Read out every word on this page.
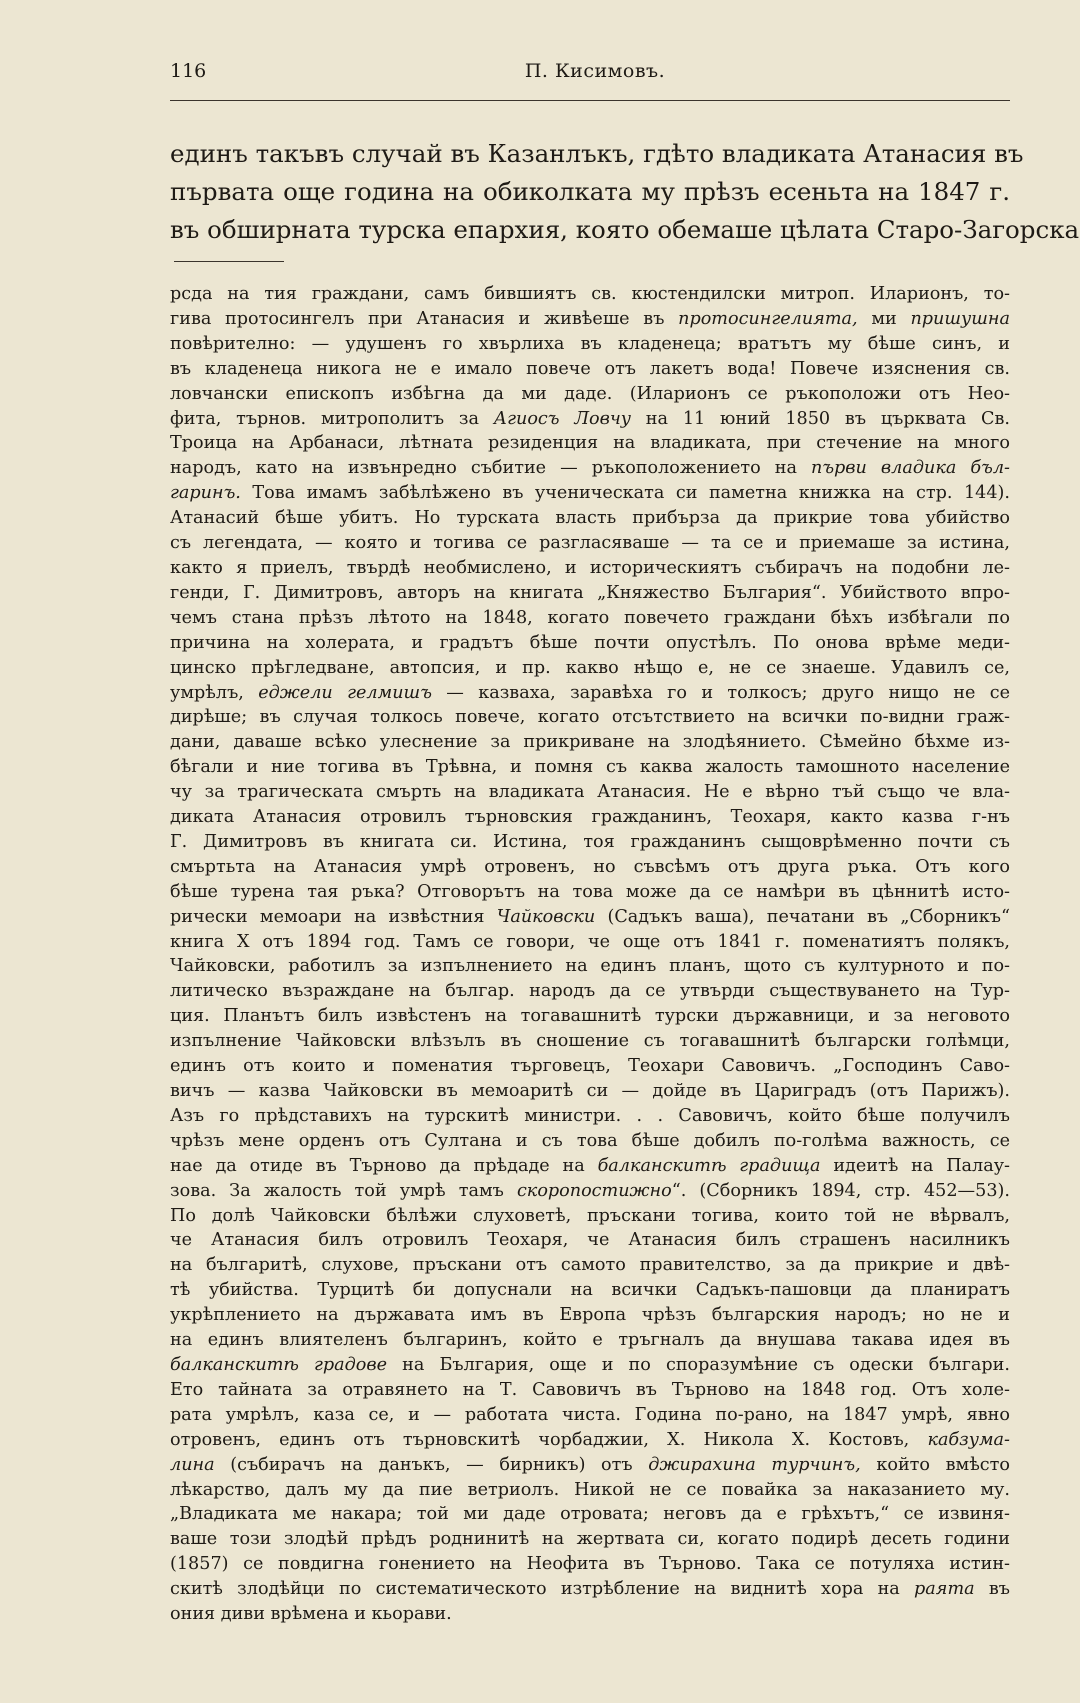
116	П. Кисимовъ.
единъ такъвъ случай въ Казанлъкъ, гдѣто владиката Атанасия въ
първата още година на обиколката му прѣзъ есеньта на 1847 г.
въ обширната турска епархия, която обемаше цѣлата Старо-Загорска
рсда на тия граждани, самъ бившиятъ св. кюстендилски митроп. Иларионъ, то-
гива протосингелъ при Атанасия и живѣеше въ протосингелията, ми пришушна
повѣрително: — удушенъ го хвърлиха въ кладенеца; вратътъ му бѣше синъ, и
въ кладенеца никога не е имало повече отъ лакетъ вода! Повече изяснения св.
ловчански епископъ избѣгна да ми даде. (Иларионъ се ръкоположи отъ Нео-
фита, търнов. митрополитъ за Агиосъ Ловчу на 11 юний 1850 въ църквата Св.
Троица на Арбанаси, лѣтната резиденция на владиката, при стечение на много
народъ, като на извънредно събитие — ръкоположението на първи владика бъл-
гаринъ. Това имамъ забѣлѣжено въ ученическата си паметна книжка на стр. 144).
Атанасий бѣше убитъ. Но турската власть прибърза да прикрие това убийство
съ легендата, — която и тогива се разгласяваше — та се и приемаше за истина,
както я приелъ, твърдѣ необмислено, и историческиятъ събирачъ на подобни ле-
генди, Г. Димитровъ, авторъ на книгата „Княжество България“. Убийството впро-
чемъ стана прѣзъ лѣтото на 1848, когато повечето граждани бѣхъ избѣгали по
причина на холерата, и градътъ бѣше почти опустѣлъ. По онова врѣме меди-
цинско прѣгледване, автопсия, и пр. какво нѣщо е, не се знаеше. Удавилъ се,
умрѣлъ, еджели гелмишъ — казваха, заравѣха го и толкосъ; друго нищо не се
дирѣше; въ случая толкось повече, когато отсътствието на всички по-видни граж-
дани, даваше всѣко улеснение за прикриване на злодѣянието. Сѣмейно бѣхме из-
бѣгали и ние тогива въ Трѣвна, и помня съ каква жалость тамошното население
чу за трагическата смърть на владиката Атанасия. Не е вѣрно тъй също че вла-
диката Атанасия отровилъ търновския гражданинъ, Теохаря, както казва г-нъ
Г. Димитровъ въ книгата си. Истина, тоя гражданинъ сыщоврѣменно почти съ
смъртьта на Атанасия умрѣ отровенъ, но съвсѣмъ отъ друга ръка. Отъ кого
бѣше турена тая ръка? Отговорътъ на това може да се намѣри въ цѣннитѣ исто-
рически мемоари на извѣстния Чайковски (Садъкъ ваша), печатани въ „Сборникъ“
книга X отъ 1894 год. Тамъ се говори, че още отъ 1841 г. поменатиятъ полякъ,
Чайковски, работилъ за изпълнението на единъ планъ, щото съ културното и по-
литическо възраждане на българ. народъ да се утвърди съществуването на Тур-
ция. Планътъ билъ извѣстенъ на тогавашнитѣ турски държавници, и за неговото
изпълнение Чайковски влѣзълъ въ сношение съ тогавашнитѣ български голѣмци,
единъ отъ които и поменатия търговецъ, Теохари Савовичъ. „Господинъ Саво-
вичъ — казва Чайковски въ мемоаритѣ си — дойде въ Цариградъ (отъ Парижъ).
Азъ го прѣдставихъ на турскитѣ министри. . . Савовичъ, който бѣше получилъ
чрѣзъ мене орденъ отъ Султана и съ това бѣше добилъ по-голѣма важность, се
нае да отиде въ Търново да прѣдаде на балканскитѣ градища идеитѣ на Палау-
зова. За жалость той умрѣ тамъ скоропостижно“. (Сборникъ 1894, стр. 452—53).
По долѣ Чайковски бѣлѣжи слуховетѣ, пръскани тогива, които той не вѣрвалъ,
че Атанасия билъ отровилъ Теохаря, че Атанасия билъ страшенъ насилникъ
на българитѣ, слухове, пръскани отъ самото правителство, за да прикрие и двѣ-
тѣ убийства. Турцитѣ би допуснали на всички Садъкъ-пашовци да планиратъ
укрѣплението на държавата имъ въ Европа чрѣзъ българския народъ; но не и
на единъ влиятеленъ българинъ, който е тръгналъ да внушава такава идея въ
балканскитѣ градове на България, още и по споразумѣние съ одески българи.
Ето тайната за отравянето на Т. Савовичъ въ Търново на 1848 год. Отъ холе-
рата умрѣлъ, каза се, и — работата чиста. Година по-рано, на 1847 умрѣ, явно
отровенъ, единъ отъ търновскитѣ чорбаджии, Х. Никола Х. Костовъ, кабзума-
лина (събирачъ на данъкъ, — бирникъ) отъ джирахина турчинъ, който вмѣсто
лѣкарство, далъ му да пие ветриолъ. Никой не се повайка за наказанието му.
„Владиката ме накара; той ми даде отровата; неговъ да е грѣхътъ,“ се извиня-
ваше този злодѣй прѣдъ роднинитѣ на жертвата си, когато подирѣ десеть години
(1857) се повдигна гонението на Неофита въ Търново. Така се потуляха истин-
скитѣ злодѣйци по систематическото изтрѣбление на виднитѣ хора на раята въ
ония диви врѣмена и кьорави.
